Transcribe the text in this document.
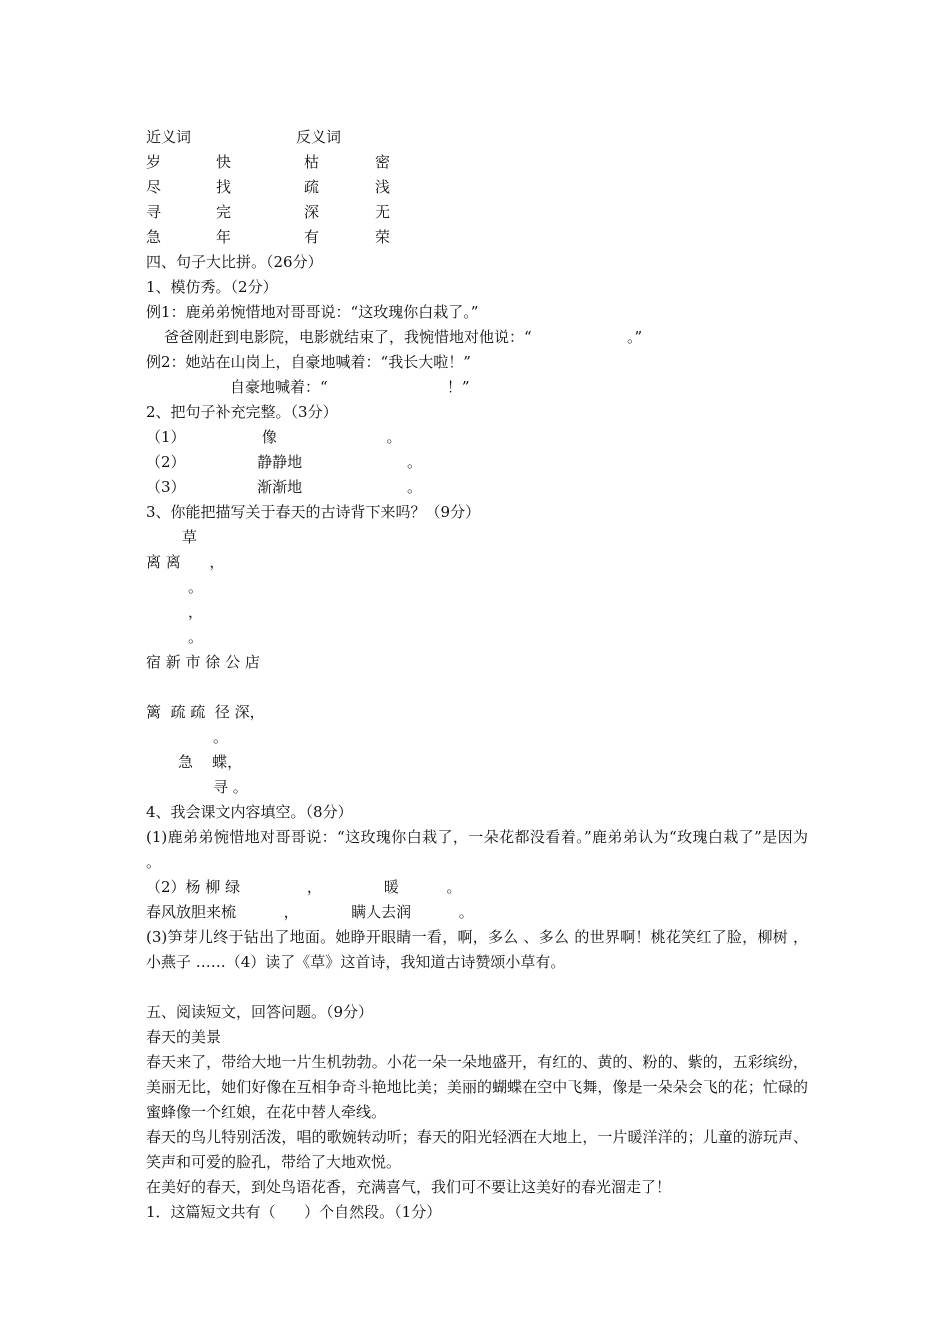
近义词	反义词
岁	快	枯	密
尽	找	疏	浅
寻	完	深	无
急	年	有	荣
四、句子大比拼。（26分）
1、模仿秀。（2分）
例1：鹿弟弟惋惜地对哥哥说：“这玫瑰你白栽了。”
爸爸刚赶到电影院，电影就结束了，我惋惜地对他说：“                    。”
例2：她站在山岗上，自豪地喊着：“我长大啦！”
自豪地喊着：“                         ！”
2、把句子补充完整。（3分）
（1）                像                       。
（2）               静静地                      。
（3）               渐渐地                      。
3、你能把描写关于春天的古诗背下来吗？（9分）
草
离 离      ，
。
，
。
宿 新 市 徐 公 店
篱  疏 疏  径 深，
。
急    蝶，
寻 。
4、我会课文内容填空。（8分）
(1)鹿弟弟惋惜地对哥哥说：“这玫瑰你白栽了，一朵花都没看着。”鹿弟弟认为“玫瑰白栽了”是因为 。
（2）杨 柳 绿              ，             暖          。
春风放胆来梳          ，           瞒人去润          。
(3)笋芽儿终于钻出了地面。她睁开眼睛一看，啊，多么 、多么 的世界啊！桃花笑红了脸，柳树 ，小燕子 ……（4）读了《草》这首诗，我知道古诗赞颂小草有。
五、阅读短文，回答问题。（9分）
春天的美景
春天来了，带给大地一片生机勃勃。小花一朵一朵地盛开，有红的、黄的、粉的、紫的，五彩缤纷，美丽无比，她们好像在互相争奇斗艳地比美；美丽的蝴蝶在空中飞舞，像是一朵朵会飞的花；忙碌的蜜蜂像一个红娘，在花中替人牵线。
春天的鸟儿特别活泼，唱的歌婉转动听；春天的阳光轻洒在大地上，一片暖洋洋的；儿童的游玩声、笑声和可爱的脸孔，带给了大地欢悦。
在美好的春天，到处鸟语花香，充满喜气，我们可不要让这美好的春光溜走了！
1．这篇短文共有（      ）个自然段。（1分）
